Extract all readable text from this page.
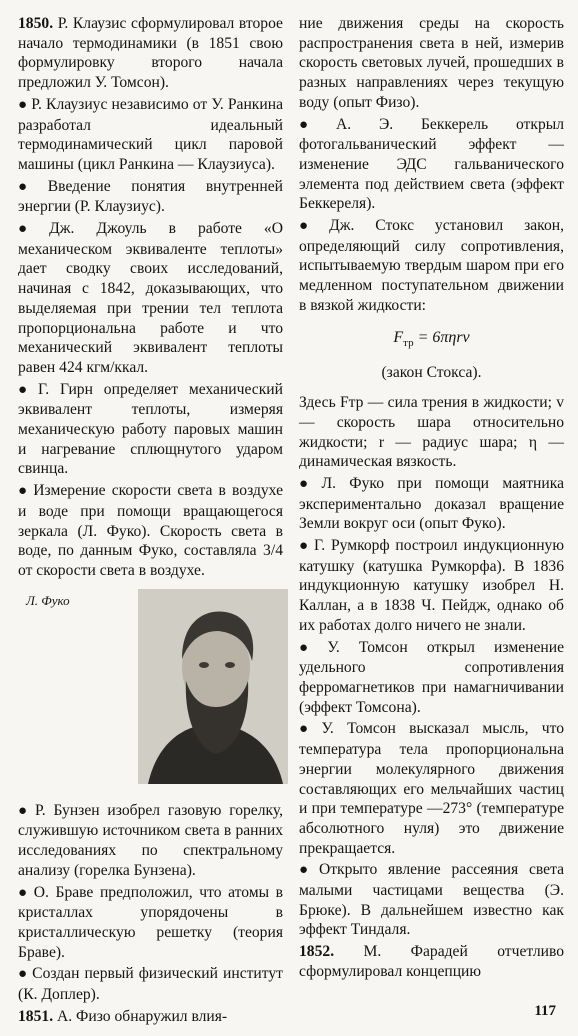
1850. Р. Клаузис сформулировал второе начало термодинамики (в 1851 свою формулировку второго начала предложил У. Томсон).

● Р. Клаузиус независимо от У. Ранкина разработал идеальный термодинамический цикл паровой машины (цикл Ранкина — Клаузиуса).

● Введение понятия внутренней энергии (Р. Клаузиус).

● Дж. Джоуль в работе «О механическом эквиваленте теплоты» дает сводку своих исследований, начиная с 1842, доказывающих, что выделяемая при трении тел теплота пропорциональна работе и что механический эквивалент теплоты равен 424 кгм/ккал.

● Г. Гирн определяет механический эквивалент теплоты, измеряя механическую работу паровых машин и нагревание сплющнутого ударом свинца.

● Измерение скорости света в воздухе и воде при помощи вращающегося зеркала (Л. Фуко). Скорость света в воде, по данным Фуко, составляла 3/4 от скорости света в воздухе.

Л. Фуко

● Р. Бунзен изобрел газовую горелку, служившую источником света в ранних исследованиях по спектральному анализу (горелка Бунзена).

● О. Браве предположил, что атомы в кристаллах упорядочены в кристаллическую решетку (теория Браве).

● Создан первый физический институт (К. Доплер).

1851. А. Физо обнаружил влия-

ние движения среды на скорость распространения света в ней, измерив скорость световых лучей, прошедших в разных направлениях через текущую воду (опыт Физо).

● А. Э. Беккерель открыл фотогальванический эффект — изменение ЭДС гальванического элемента под действием света (эффект Беккереля).

● Дж. Стокс установил закон, определяющий силу сопротивления, испытываемую твердым шаром при его медленном поступательном движении в вязкой жидкости:

$F_{тр} = 6\pi\eta rv$
(закон Стокса).

Здесь Fтр — сила трения в жидкости; v — скорость шара относительно жидкости; r — радиус шара; η — динамическая вязкость.

● Л. Фуко при помощи маятника экспериментально доказал вращение Земли вокруг оси (опыт Фуко).

● Г. Румкорф построил индукционную катушку (катушка Румкорфа). В 1836 индукционную катушку изобрел Н. Каллан, а в 1838 Ч. Пейдж, однако об их работах долго ничего не знали.

● У. Томсон открыл изменение удельного сопротивления ферромагнетиков при намагничивании (эффект Томсона).

● У. Томсон высказал мысль, что температура тела пропорциональна энергии молекулярного движения составляющих его мельчайших частиц и при температуре —273° (температуре абсолютного нуля) это движение прекращается.

● Открыто явление рассеяния света малыми частицами вещества (Э. Брюке). В дальнейшем известно как эффект Тиндаля.

1852. М. Фарадей отчетливо сформулировал концепцию

117
